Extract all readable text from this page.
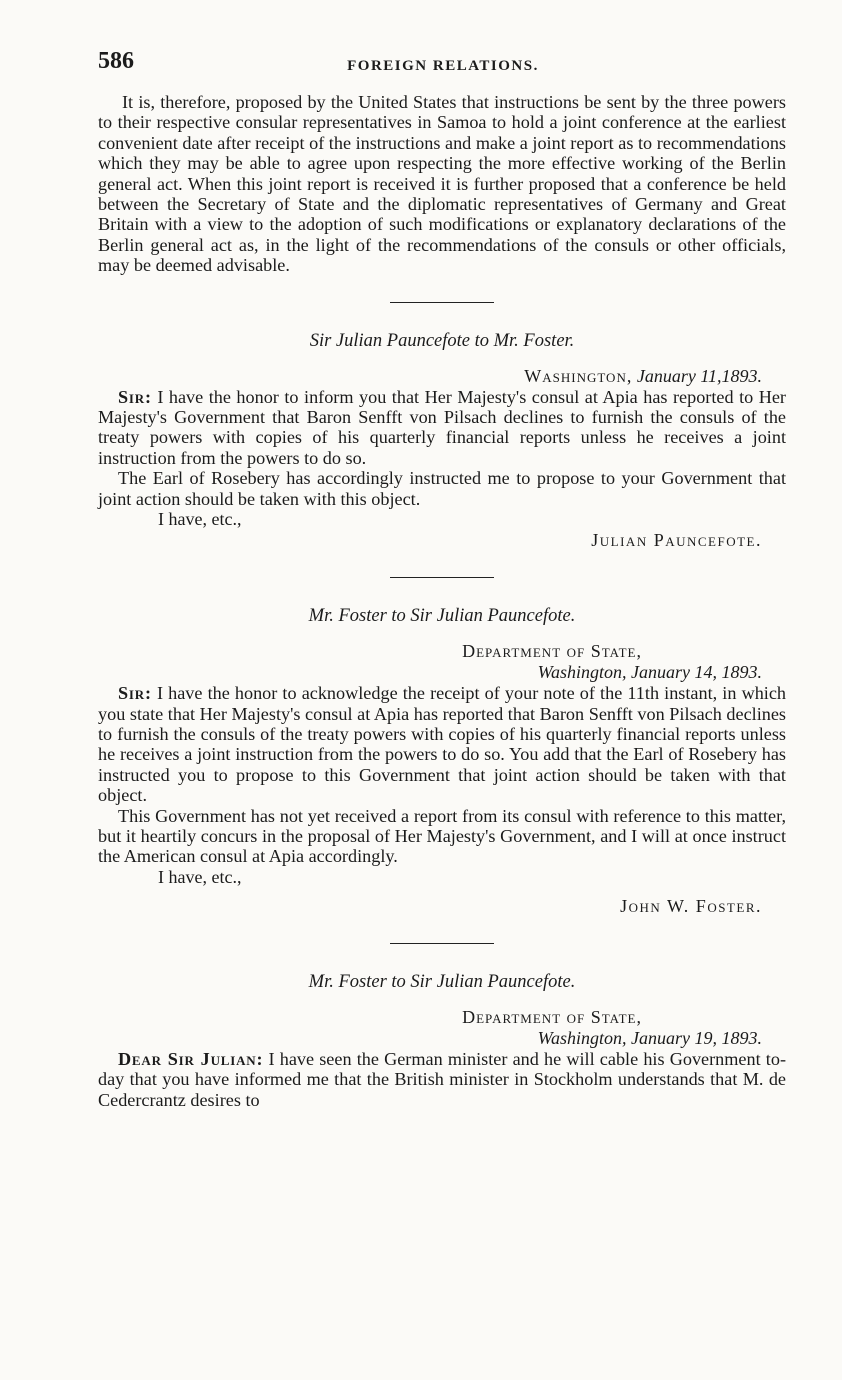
586	FOREIGN RELATIONS.

It is, therefore, proposed by the United States that instructions be sent by the three powers to their respective consular representatives in Samoa to hold a joint conference at the earliest convenient date after receipt of the instructions and make a joint report as to recommendations which they may be able to agree upon respecting the more effective working of the Berlin general act. When this joint report is received it is further proposed that a conference be held between the Secretary of State and the diplomatic representatives of Germany and Great Britain with a view to the adoption of such modifications or explanatory declarations of the Berlin general act as, in the light of the recommendations of the consuls or other officials, may be deemed advisable.

Sir Julian Pauncefote to Mr. Foster.
Washington, January 11,1893.

Sir: I have the honor to inform you that Her Majesty's consul at Apia has reported to Her Majesty's Government that Baron Senfft von Pilsach declines to furnish the consuls of the treaty powers with copies of his quarterly financial reports unless he receives a joint instruction from the powers to do so.

The Earl of Rosebery has accordingly instructed me to propose to your Government that joint action should be taken with this object.

I have, etc.,
Julian Pauncefote.
Mr. Foster to Sir Julian Pauncefote.
Department of State,
Washington, January 14, 1893.

Sir: I have the honor to acknowledge the receipt of your note of the 11th instant, in which you state that Her Majesty's consul at Apia has reported that Baron Senfft von Pilsach declines to furnish the consuls of the treaty powers with copies of his quarterly financial reports unless he receives a joint instruction from the powers to do so. You add that the Earl of Rosebery has instructed you to propose to this Government that joint action should be taken with that object.

This Government has not yet received a report from its consul with reference to this matter, but it heartily concurs in the proposal of Her Majesty's Government, and I will at once instruct the American consul at Apia accordingly.

I have, etc.,
John W. Foster.
Mr. Foster to Sir Julian Pauncefote.
Department of State,
Washington, January 19, 1893.

Dear Sir Julian: I have seen the German minister and he will cable his Government to-day that you have informed me that the British minister in Stockholm understands that M. de Cedercrantz desires to
